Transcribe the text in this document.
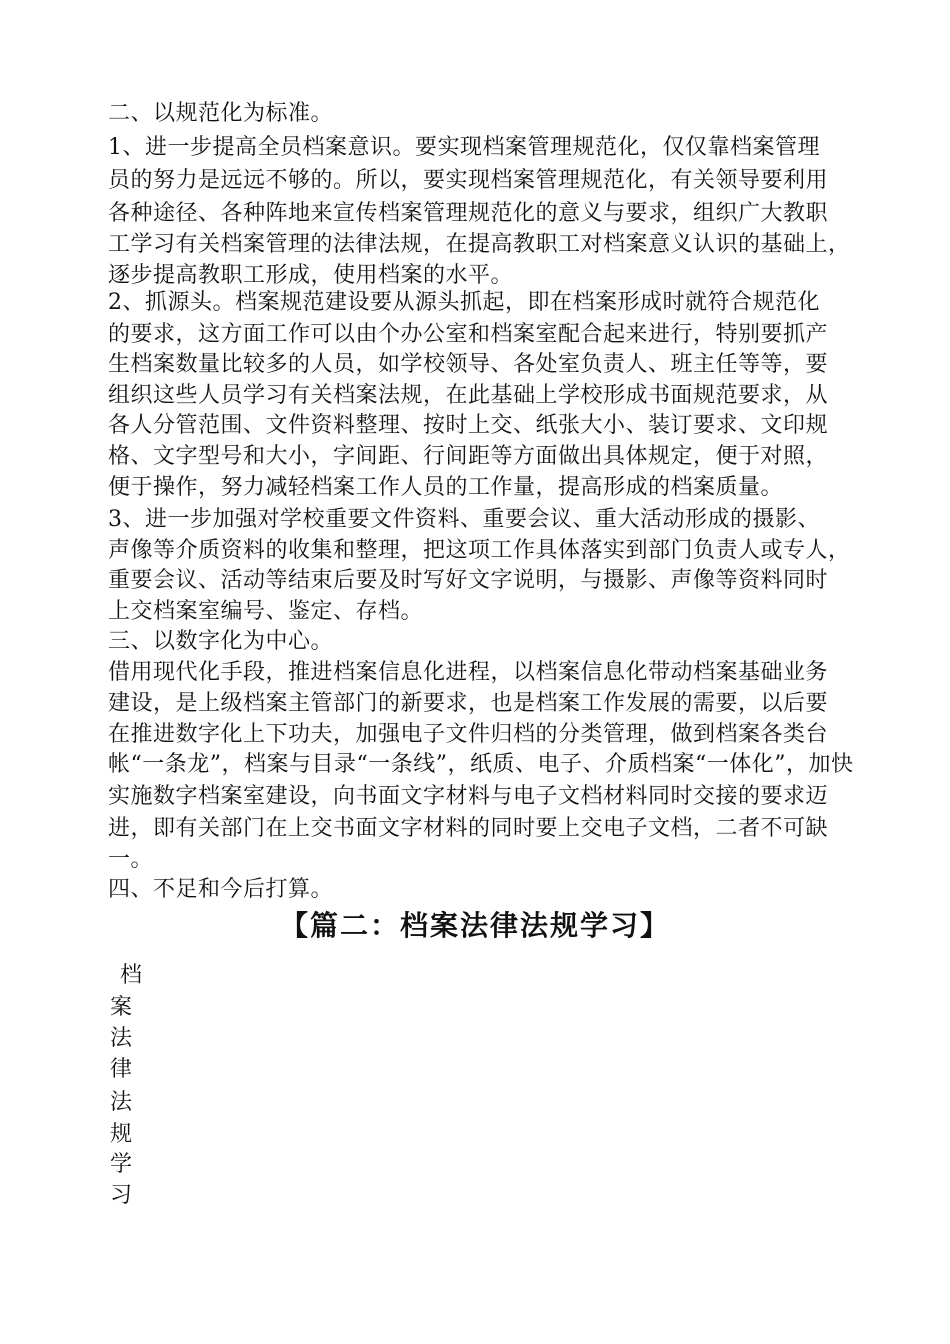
二、以规范化为标准。
1、进一步提高全员档案意识。要实现档案管理规范化，仅仅靠档案管理
员的努力是远远不够的。所以，要实现档案管理规范化，有关领导要利用
各种途径、各种阵地来宣传档案管理规范化的意义与要求，组织广大教职
工学习有关档案管理的法律法规，在提高教职工对档案意义认识的基础上，
逐步提高教职工形成，使用档案的水平。
2、抓源头。档案规范建设要从源头抓起，即在档案形成时就符合规范化
的要求，这方面工作可以由个办公室和档案室配合起来进行，特别要抓产
生档案数量比较多的人员，如学校领导、各处室负责人、班主任等等，要
组织这些人员学习有关档案法规，在此基础上学校形成书面规范要求，从
各人分管范围、文件资料整理、按时上交、纸张大小、装订要求、文印规
格、文字型号和大小，字间距、行间距等方面做出具体规定，便于对照，
便于操作，努力减轻档案工作人员的工作量，提高形成的档案质量。
3、进一步加强对学校重要文件资料、重要会议、重大活动形成的摄影、
声像等介质资料的收集和整理，把这项工作具体落实到部门负责人或专人，
重要会议、活动等结束后要及时写好文字说明，与摄影、声像等资料同时
上交档案室编号、鉴定、存档。
三、以数字化为中心。
借用现代化手段，推进档案信息化进程，以档案信息化带动档案基础业务
建设，是上级档案主管部门的新要求，也是档案工作发展的需要，以后要
在推进数字化上下功夫，加强电子文件归档的分类管理，做到档案各类台
帐“一条龙”，档案与目录“一条线”，纸质、电子、介质档案“一体化”，加快
实施数字档案室建设，向书面文字材料与电子文档材料同时交接的要求迈
进，即有关部门在上交书面文字材料的同时要上交电子文档，二者不可缺
一。
四、不足和今后打算。
【篇二：档案法律法规学习】
档
案
法
律
法
规
学
习
